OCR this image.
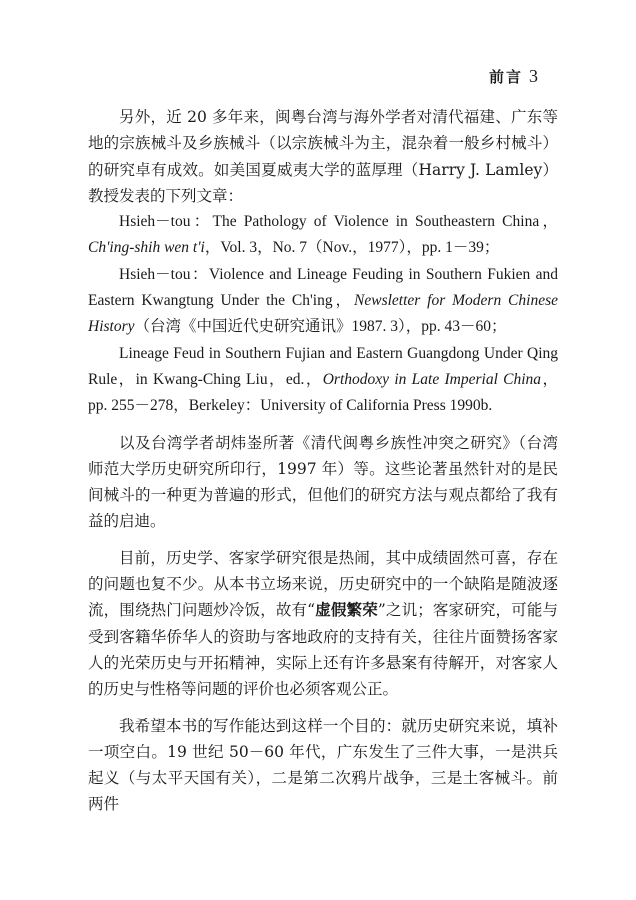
前言 3

另外，近 20 多年来，闽粤台湾与海外学者对清代福建、广东等地的宗族械斗及乡族械斗（以宗族械斗为主，混杂着一般乡村械斗）的研究卓有成效。如美国夏威夷大学的蓝厚理（Harry J. Lamley）教授发表的下列文章：

Hsieh－tou：The Pathology of Violence in Southeastern China，Ch'ing-shih wen t'i，Vol. 3，No. 7（Nov.，1977），pp. 1－39；

Hsieh－tou：Violence and Lineage Feuding in Southern Fukien and Eastern Kwangtung Under the Ch'ing，Newsletter for Modern Chinese History（台湾《中国近代史研究通讯》1987. 3），pp. 43－60；

Lineage Feud in Southern Fujian and Eastern Guangdong Under Qing Rule，in Kwang-Ching Liu，ed.，Orthodoxy in Late Imperial China，pp. 255－278，Berkeley：University of California Press 1990b.

以及台湾学者胡炜崟所著《清代闽粤乡族性冲突之研究》（台湾师范大学历史研究所印行，1997 年）等。这些论著虽然针对的是民间械斗的一种更为普遍的形式，但他们的研究方法与观点都给了我有益的启迪。

目前，历史学、客家学研究很是热闹，其中成绩固然可喜，存在的问题也复不少。从本书立场来说，历史研究中的一个缺陷是随波逐流，围绕热门问题炒冷饭，故有“虚假繁荣”之讥；客家研究，可能与受到客籍华侨华人的资助与客地政府的支持有关，往往片面赞扬客家人的光荣历史与开拓精神，实际上还有许多悬案有待解开，对客家人的历史与性格等问题的评价也必须客观公正。

我希望本书的写作能达到这样一个目的：就历史研究来说，填补一项空白。19 世纪 50－60 年代，广东发生了三件大事，一是洪兵起义（与太平天国有关），二是第二次鸦片战争，三是土客械斗。前两件
